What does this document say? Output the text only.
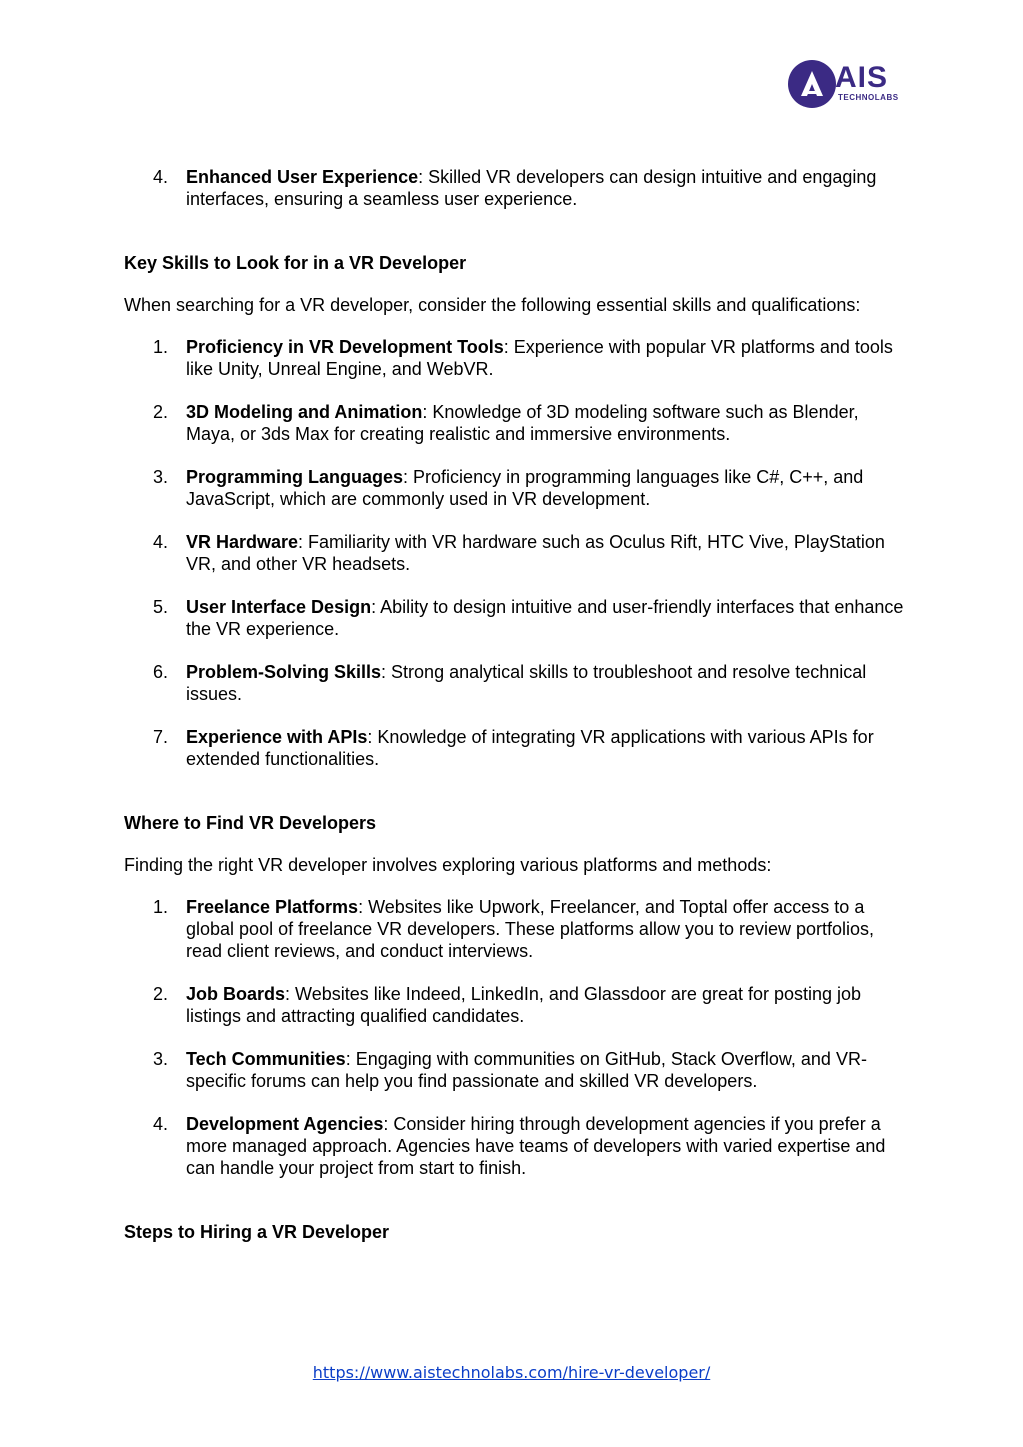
AIS
TECHNOLABS
4. Enhanced User Experience: Skilled VR developers can design intuitive and engaging interfaces, ensuring a seamless user experience.
Key Skills to Look for in a VR Developer
When searching for a VR developer, consider the following essential skills and qualifications:
1. Proficiency in VR Development Tools: Experience with popular VR platforms and tools like Unity, Unreal Engine, and WebVR.
2. 3D Modeling and Animation: Knowledge of 3D modeling software such as Blender, Maya, or 3ds Max for creating realistic and immersive environments.
3. Programming Languages: Proficiency in programming languages like C#, C++, and JavaScript, which are commonly used in VR development.
4. VR Hardware: Familiarity with VR hardware such as Oculus Rift, HTC Vive, PlayStation VR, and other VR headsets.
5. User Interface Design: Ability to design intuitive and user-friendly interfaces that enhance the VR experience.
6. Problem-Solving Skills: Strong analytical skills to troubleshoot and resolve technical issues.
7. Experience with APIs: Knowledge of integrating VR applications with various APIs for extended functionalities.
Where to Find VR Developers
Finding the right VR developer involves exploring various platforms and methods:
1. Freelance Platforms: Websites like Upwork, Freelancer, and Toptal offer access to a global pool of freelance VR developers. These platforms allow you to review portfolios, read client reviews, and conduct interviews.
2. Job Boards: Websites like Indeed, LinkedIn, and Glassdoor are great for posting job listings and attracting qualified candidates.
3. Tech Communities: Engaging with communities on GitHub, Stack Overflow, and VR-specific forums can help you find passionate and skilled VR developers.
4. Development Agencies: Consider hiring through development agencies if you prefer a more managed approach. Agencies have teams of developers with varied expertise and can handle your project from start to finish.
Steps to Hiring a VR Developer
https://www.aistechnolabs.com/hire-vr-developer/
